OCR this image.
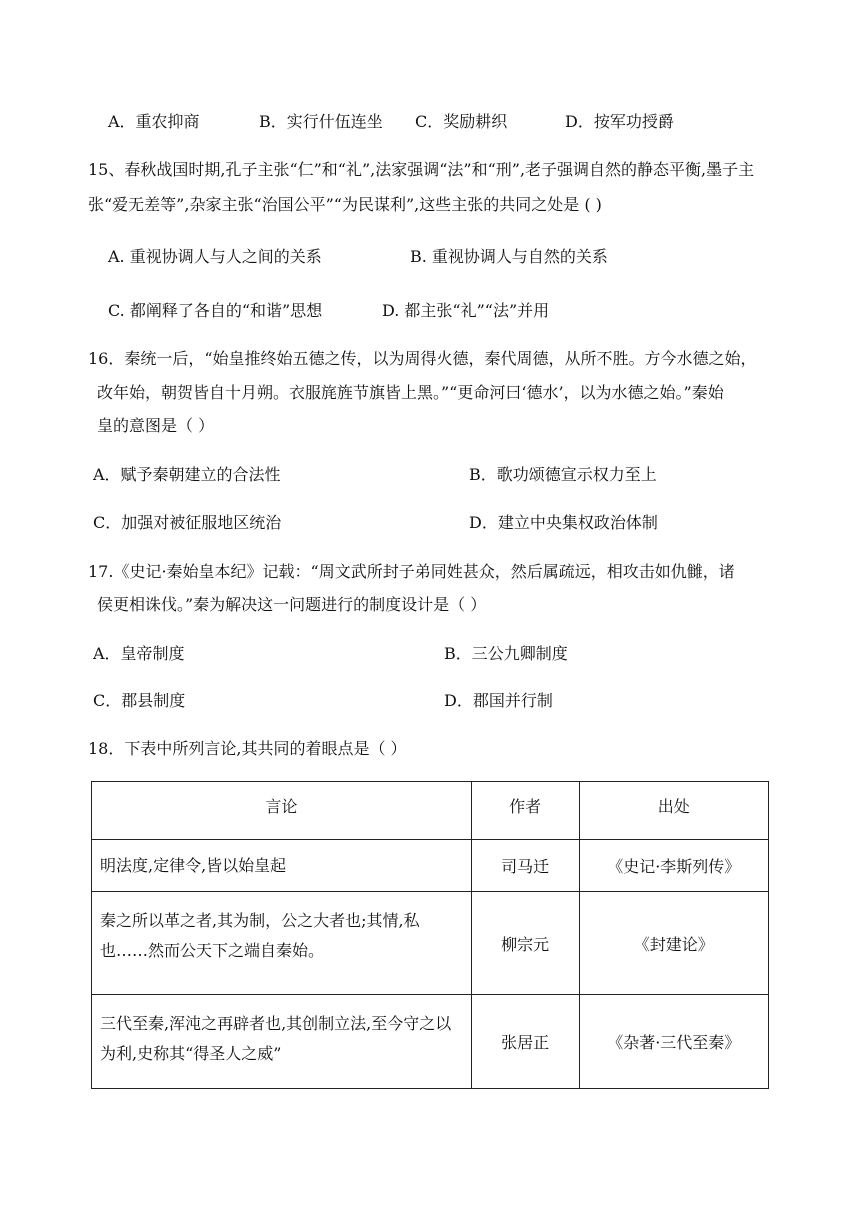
A．重农抑商	B．实行什伍连坐 C．奖励耕织	D．按军功授爵
15、春秋战国时期,孔子主张“仁”和“礼”,法家强调“法”和“刑”,老子强调自然的静态平衡,墨子主
张“爱无差等”,杂家主张“治国公平”“为民谋利”,这些主张的共同之处是 ( )
A. 重视协调人与人之间的关系	B. 重视协调人与自然的关系
C. 都阐释了各自的“和谐”思想	D. 都主张“礼”“法”并用
16．秦统一后，“始皇推终始五德之传，以为周得火德，秦代周德，从所不胜。方今水德之始，
改年始，朝贺皆自十月朔。衣服旄旌节旗皆上黑。”“更命河曰‘德水’，以为水德之始。”秦始
皇的意图是（ ）
A．赋予秦朝建立的合法性	B．歌功颂德宣示权力至上
C．加强对被征服地区统治	D．建立中央集权政治体制
17.《史记·秦始皇本纪》记载：“周文武所封子弟同姓甚众，然后属疏远，相攻击如仇雠，诸
侯更相诛伐。”秦为解决这一问题进行的制度设计是（ ）
A．皇帝制度	B．三公九卿制度
C．郡县制度	D．郡国并行制
18．下表中所列言论,其共同的着眼点是（ ）
言论	作者	出处
明法度,定律令,皆以始皇起	司马迁	《史记·李斯列传》
秦之所以革之者,其为制，公之大者也;其情,私也……然而公天下之端自秦始。	柳宗元	《封建论》
三代至秦,浑沌之再辟者也,其创制立法,至今守之以为利,史称其“得圣人之威”	张居正	《杂著·三代至秦》
